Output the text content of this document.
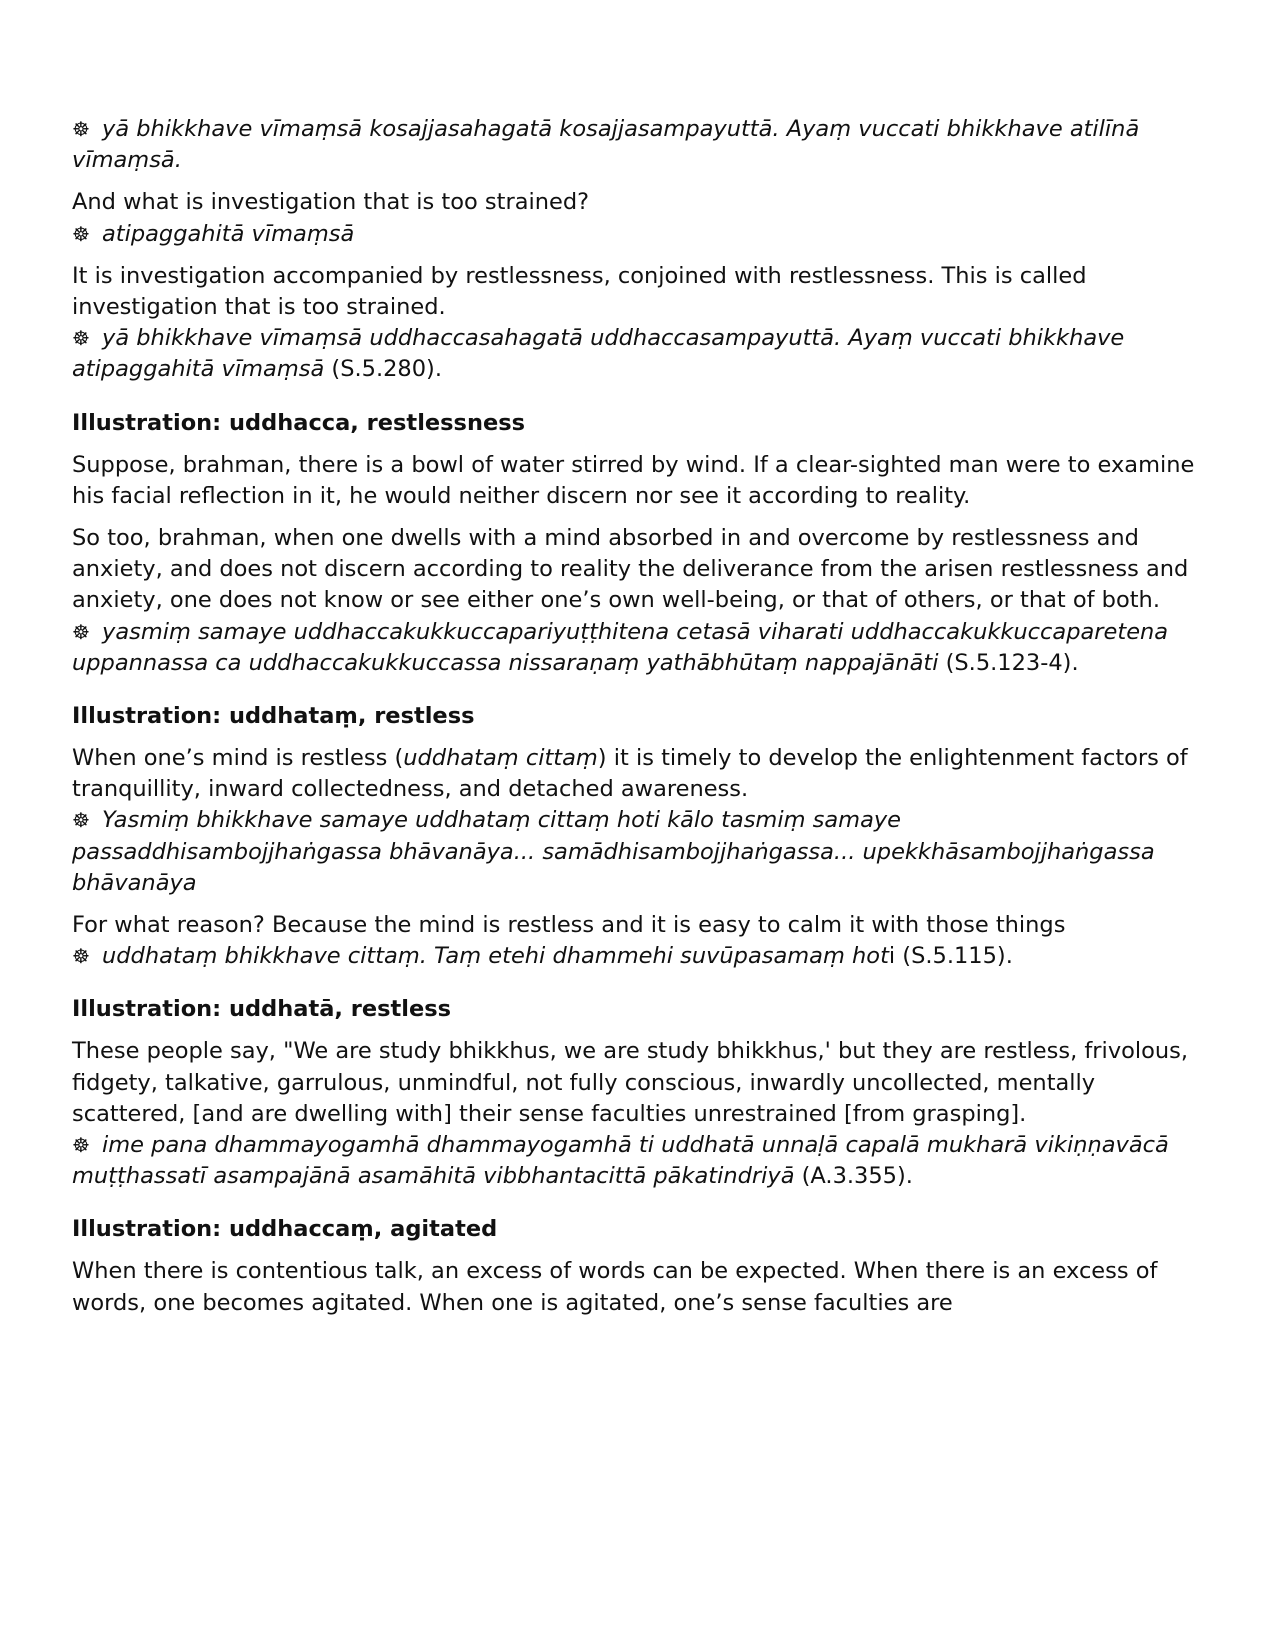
☸ yā bhikkhave vīmaṃsā kosajjasahagatā kosajjasampayuttā. Ayaṃ vuccati bhikkhave atilīnā vīmaṃsā.

And what is investigation that is too strained?
☸ atipaggahitā vīmaṃsā

It is investigation accompanied by restlessness, conjoined with restlessness. This is called investigation that is too strained.
☸ yā bhikkhave vīmaṃsā uddhaccasahagatā uddhaccasampayuttā. Ayaṃ vuccati bhikkhave atipaggahitā vīmaṃsā (S.5.280).

Illustration: uddhacca, restlessness

Suppose, brahman, there is a bowl of water stirred by wind. If a clear-sighted man were to examine his facial reflection in it, he would neither discern nor see it according to reality.

So too, brahman, when one dwells with a mind absorbed in and overcome by restlessness and anxiety, and does not discern according to reality the deliverance from the arisen restlessness and anxiety, one does not know or see either one’s own well-being, or that of others, or that of both.
☸ yasmiṃ samaye uddhaccakukkuccapariyuṭṭhitena cetasā viharati uddhaccakukkuccaparetena uppannassa ca uddhaccakukkuccassa nissaraṇaṃ yathābhūtaṃ nappajānāti (S.5.123-4).

Illustration: uddhataṃ, restless

When one’s mind is restless (uddhataṃ cittaṃ) it is timely to develop the enlightenment factors of tranquillity, inward collectedness, and detached awareness.
☸ Yasmiṃ bhikkhave samaye uddhataṃ cittaṃ hoti kālo tasmiṃ samaye passaddhisambojjhaṅgassa bhāvanāya... samādhisambojjhaṅgassa... upekkhāsambojjhaṅgassa bhāvanāya

For what reason? Because the mind is restless and it is easy to calm it with those things
☸ uddhataṃ bhikkhave cittaṃ. Taṃ etehi dhammehi suvūpasamaṃ hoti (S.5.115).

Illustration: uddhatā, restless

These people say, "We are study bhikkhus, we are study bhikkhus,' but they are restless, frivolous, fidgety, talkative, garrulous, unmindful, not fully conscious, inwardly uncollected, mentally scattered, [and are dwelling with] their sense faculties unrestrained [from grasping].
☸ ime pana dhammayogamhā dhammayogamhā ti uddhatā unnaḷā capalā mukharā vikiṇṇavācā muṭṭhassatī asampajānā asamāhitā vibbhantacittā pākatindriyā (A.3.355).

Illustration: uddhaccaṃ, agitated

When there is contentious talk, an excess of words can be expected. When there is an excess of words, one becomes agitated. When one is agitated, one’s sense faculties are
